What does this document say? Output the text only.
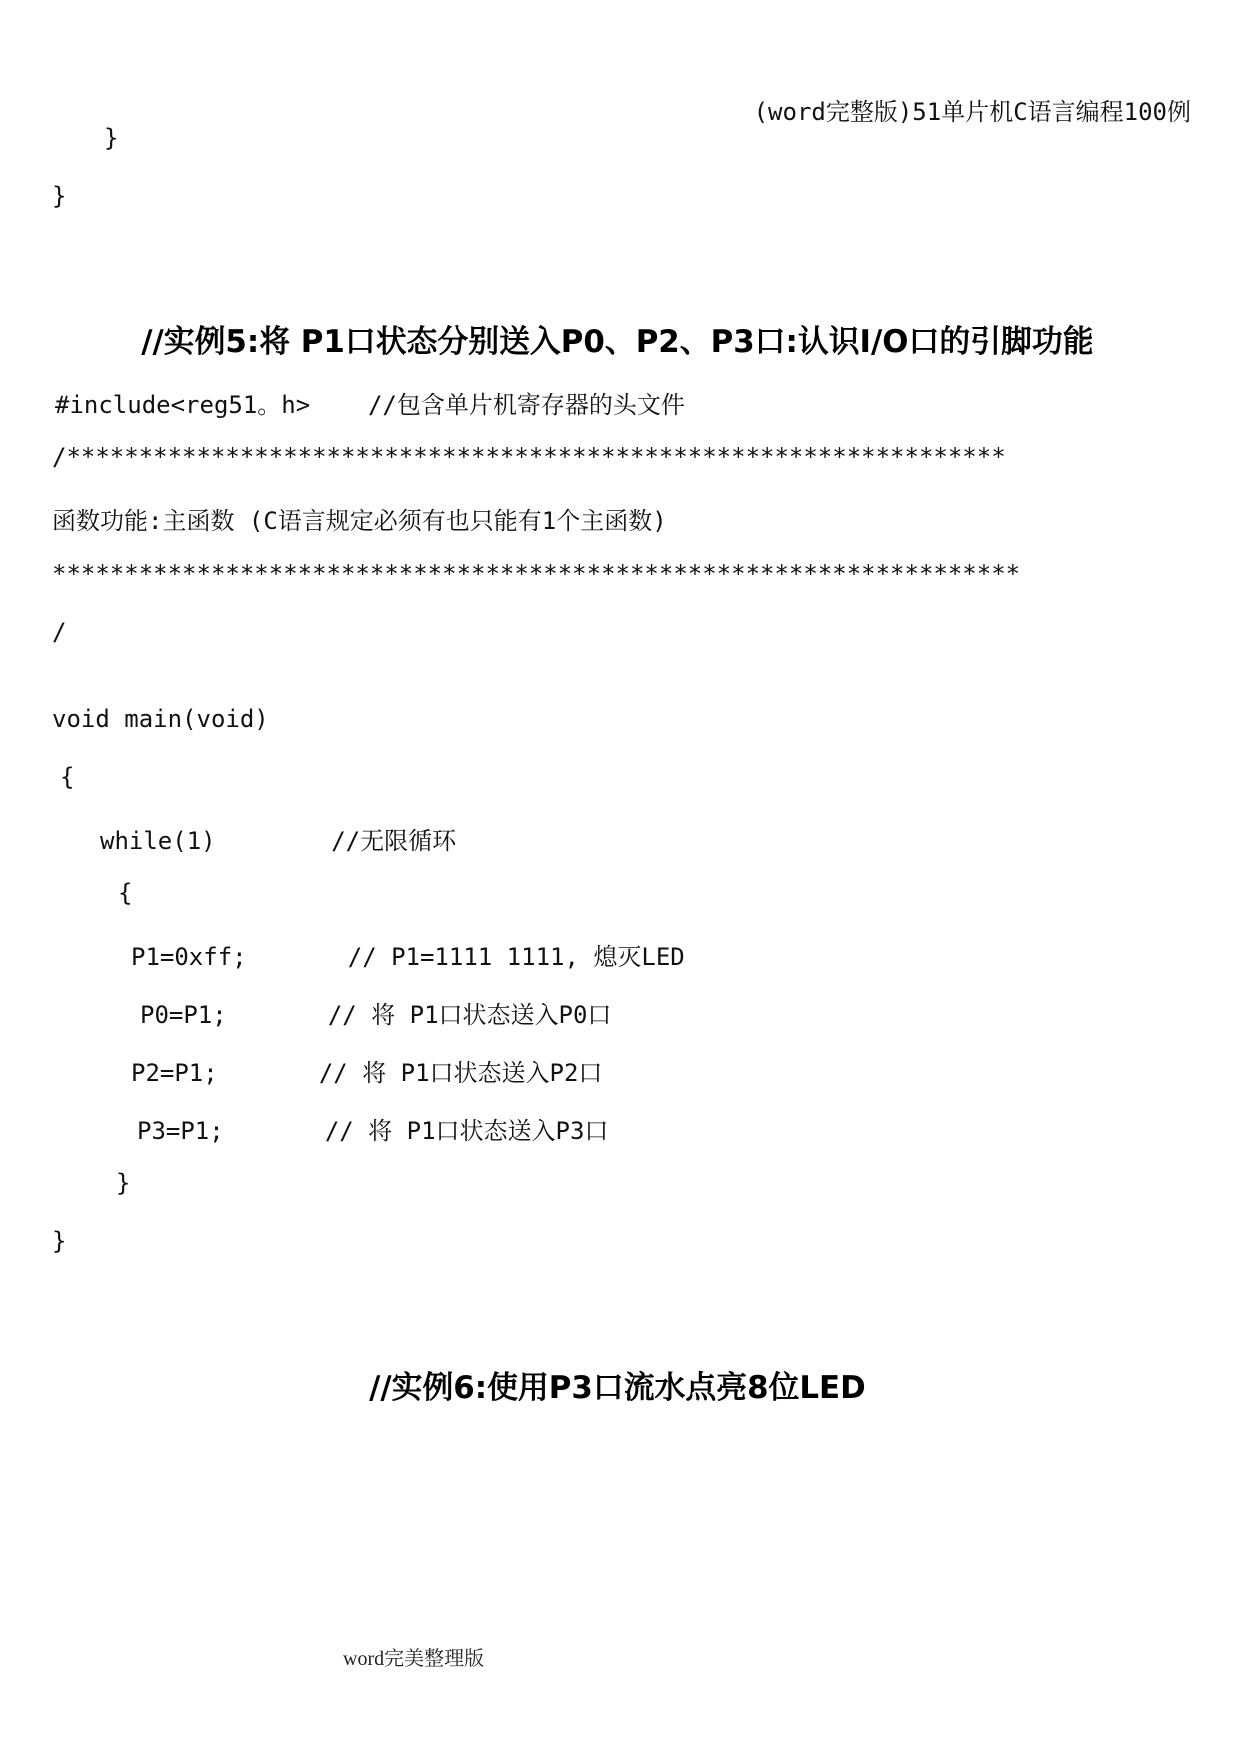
(word完整版)51单片机C语言编程100例
}
}
//实例5:将 P1口状态分别送入P0、P2、P3口:认识I/O口的引脚功能
#include<reg51。h>    //包含单片机寄存器的头文件
/*****************************************************************
函数功能:主函数 (C语言规定必须有也只能有1个主函数)
*******************************************************************
/
void main(void)
{
while(1)        //无限循环
{
P1=0xff;       // P1=1111 1111, 熄灭LED
P0=P1;       // 将 P1口状态送入P0口
P2=P1;       // 将 P1口状态送入P2口
P3=P1;       // 将 P1口状态送入P3口
}
}
//实例6:使用P3口流水点亮8位LED
word完美整理版
